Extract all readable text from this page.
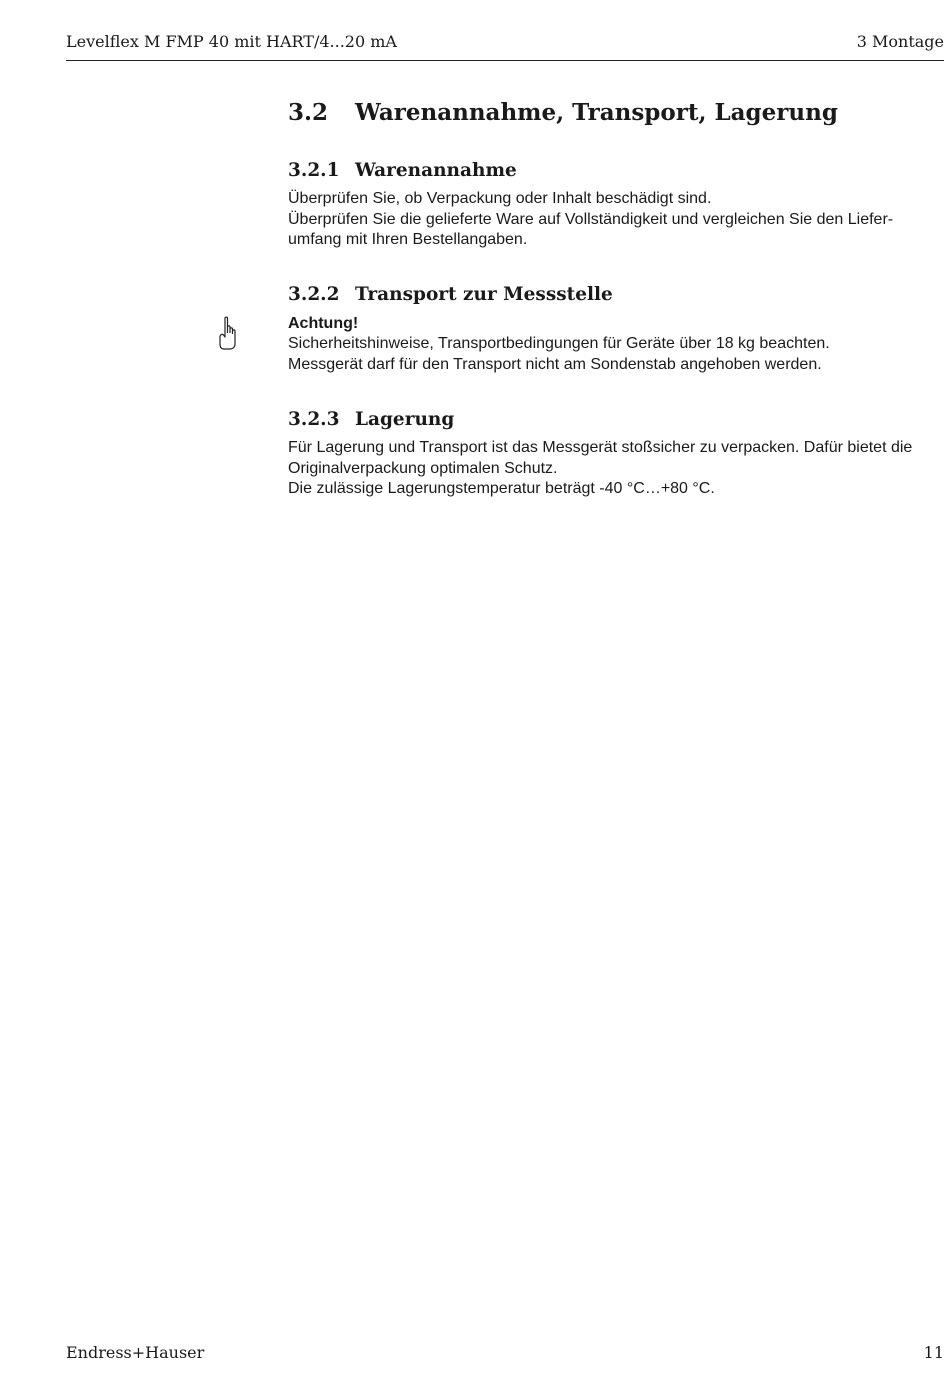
Levelflex M FMP 40 mit HART/4...20 mA	3 Montage
3.2	Warenannahme, Transport, Lagerung
3.2.1 Warenannahme

Überprüfen Sie, ob Verpackung oder Inhalt beschädigt sind.

Überprüfen Sie die gelieferte Ware auf Vollständigkeit und vergleichen Sie den Liefer-

umfang mit Ihren Bestellangaben.

3.2.2 Transport zur Messstelle

Achtung!

Sicherheitshinweise, Transportbedingungen für Geräte über 18 kg beachten.

Messgerät darf für den Transport nicht am Sondenstab angehoben werden.

3.2.3 Lagerung

Für Lagerung und Transport ist das Messgerät stoßsicher zu verpacken. Dafür bietet die

Originalverpackung optimalen Schutz.

Die zulässige Lagerungstemperatur beträgt -40 °C…+80 °C.

Endress+Hauser	11
